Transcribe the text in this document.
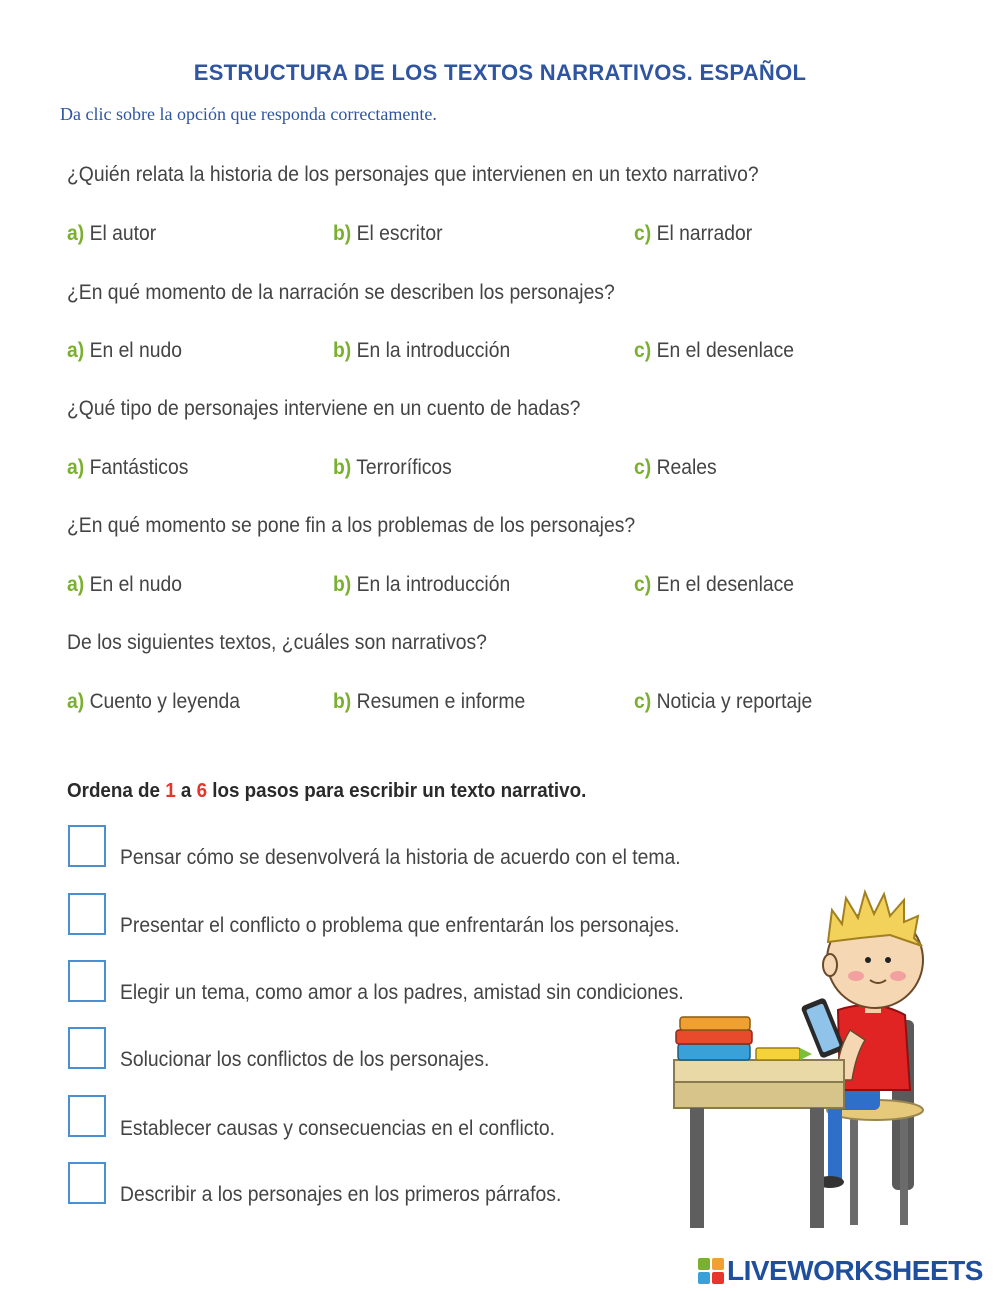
ESTRUCTURA DE LOS TEXTOS NARRATIVOS. ESPAÑOL
Da clic sobre la opción que responda correctamente.
¿Quién relata la historia de los personajes que intervienen en un texto narrativo?
a) El autor	b) El escritor	c) El narrador
¿En qué momento de la narración se describen los personajes?
a) En el nudo	b) En la introducción	c) En el desenlace
¿Qué tipo de personajes interviene en un cuento de hadas?
a) Fantásticos	b) Terroríficos	c) Reales
¿En qué momento se pone fin a los problemas de los personajes?
a) En el nudo	b) En la introducción	c) En el desenlace
De los siguientes textos, ¿cuáles son narrativos?
a) Cuento y leyenda	b) Resumen e informe	c) Noticia y reportaje
Ordena de 1 a 6 los pasos para escribir un texto narrativo.
Pensar cómo se desenvolverá la historia de acuerdo con el tema.
Presentar el conflicto o problema que enfrentarán los personajes.
Elegir un tema, como amor a los padres, amistad sin condiciones.
Solucionar los conflictos de los personajes.
Establecer causas y consecuencias en el conflicto.
Describir a los personajes en los primeros párrafos.
LIVEWORKSHEETS
